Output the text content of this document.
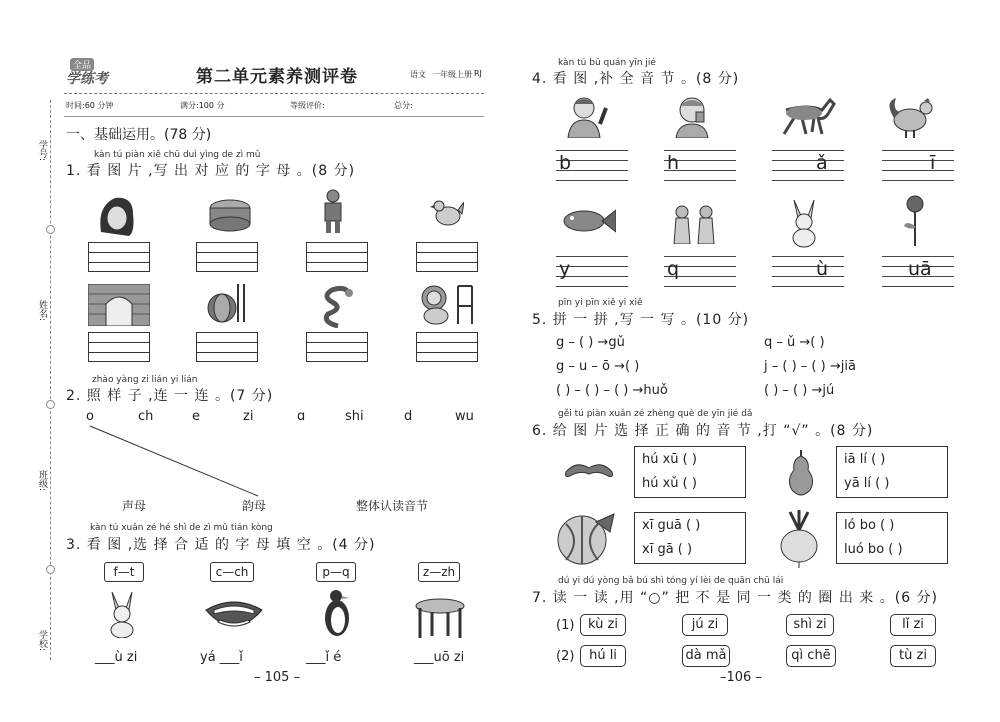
学号:
姓名:
班级:
学校:
全品
学练考	第二单元素养测评卷	语文 一年级上册 RJ
时间:60 分钟	满分:100 分	等级评价:	总分:
一、基础运用。(78 分)
kàn tú piàn xiě chū duì yìng de zì mǔ
1. 看 图 片 ,写 出 对 应 的 字 母 。(8 分)
zhào yàng zi lián yi lián
2. 照 样 子 ,连 一 连 。(7 分)
o	ch	e	zi	ɑ	shi	d	wu
声母	韵母	整体认读音节
kàn tú xuǎn zé hé shì de zì mǔ tián kòng
3. 看 图 ,选 择 合 适 的 字 母 填 空 。(4 分)
f—t	c—ch	p—q	z—zh
___ù zi	yá ___ǐ	___ǐ é	___uō zi
– 105 –
kàn tú bǔ quán yīn jié
4. 看 图 ,补 全 音 节 。(8 分)
b	h	ǎ	ī
y	q	ù	uā
pīn yi pīn xiě yi xiě
5. 拼 一 拼 ,写 一 写 。(10 分)
g – ( ) →gǔ	q – ǔ →( )
g – u – ō →( )	j – ( ) – ( ) →jiā
( ) – ( ) – ( ) →huǒ	( ) – ( ) →jú
gěi tú piàn xuǎn zé zhèng què de yīn jié dǎ
6. 给 图 片 选 择 正 确 的 音 节 ,打 “√” 。(8 分)
hú xū ( )
hú xǔ ( )
iā lí ( )
yā lí ( )
xī guā ( )
xī gā ( )
ló bo ( )
luó bo ( )
dú yi dú yòng bǎ bú shì tóng yí lèi de quān chū lái
7. 读 一 读 ,用 “○” 把 不 是 同 一 类 的 圈 出 来 。(6 分)
(1)	kù zi	jú zi	shì zi	lǐ zi
(2)	hú li	dà mǎ	qì chē	tù zi
–106 –
